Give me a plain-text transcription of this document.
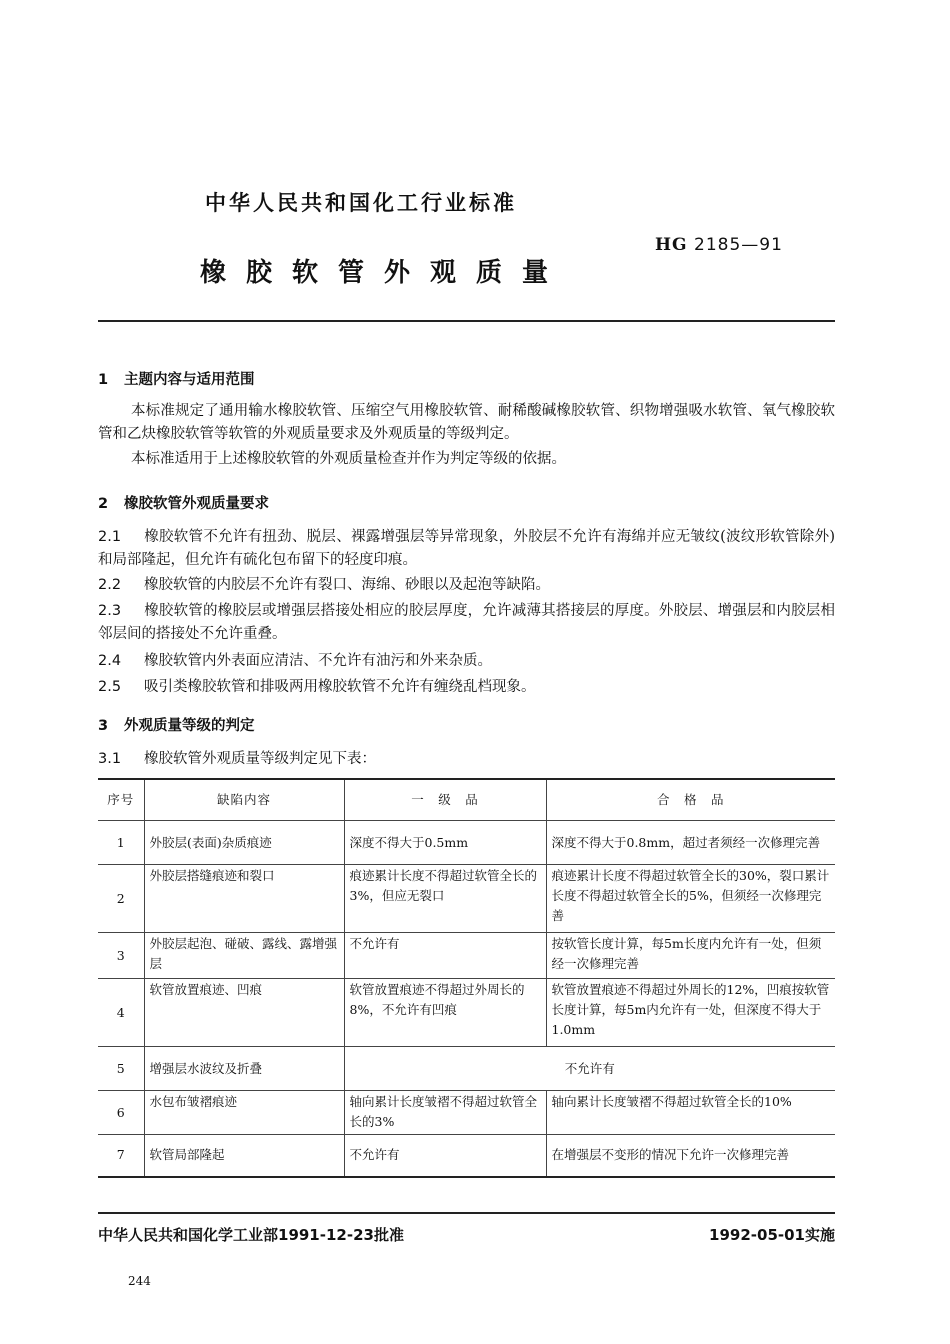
中华人民共和国化工行业标准
HG 2185—91
橡胶软管外观质量
1 主题内容与适用范围
本标准规定了通用输水橡胶软管、压缩空气用橡胶软管、耐稀酸碱橡胶软管、织物增强吸水软管、氧气橡胶软管和乙炔橡胶软管等软管的外观质量要求及外观质量的等级判定。
本标准适用于上述橡胶软管的外观质量检查并作为判定等级的依据。
2 橡胶软管外观质量要求
2.1 橡胶软管不允许有扭劲、脱层、裸露增强层等异常现象，外胶层不允许有海绵并应无皱纹(波纹形软管除外)和局部隆起，但允许有硫化包布留下的轻度印痕。
2.2 橡胶软管的内胶层不允许有裂口、海绵、砂眼以及起泡等缺陷。
2.3 橡胶软管的橡胶层或增强层搭接处相应的胶层厚度，允许减薄其搭接层的厚度。外胶层、增强层和内胶层相邻层间的搭接处不允许重叠。
2.4 橡胶软管内外表面应清洁、不允许有油污和外来杂质。
2.5 吸引类橡胶软管和排吸两用橡胶软管不允许有缠绕乱档现象。
3 外观质量等级的判定
3.1 橡胶软管外观质量等级判定见下表：
序号	缺陷内容	一　级　品	合　格　品
1	外胶层(表面)杂质痕迹	深度不得大于0.5mm	深度不得大于0.8mm，超过者须经一次修理完善
2	外胶层搭缝痕迹和裂口	痕迹累计长度不得超过软管全长的3%，但应无裂口	痕迹累计长度不得超过软管全长的30%，裂口累计长度不得超过软管全长的5%，但须经一次修理完善
3	外胶层起泡、碰破、露线、露增强层	不允许有	按软管长度计算，每5m长度内允许有一处，但须经一次修理完善
4	软管放置痕迹、凹痕	软管放置痕迹不得超过外周长的8%，不允许有凹痕	软管放置痕迹不得超过外周长的12%，凹痕按软管长度计算，每5m内允许有一处，但深度不得大于1.0mm
5	增强层水波纹及折叠	不允许有	
6	水包布皱褶痕迹	轴向累计长度皱褶不得超过软管全长的3%	轴向累计长度皱褶不得超过软管全长的10%
7	软管局部隆起	不允许有	在增强层不变形的情况下允许一次修理完善
中华人民共和国化学工业部1991-12-23批准	1992-05-01实施
244
